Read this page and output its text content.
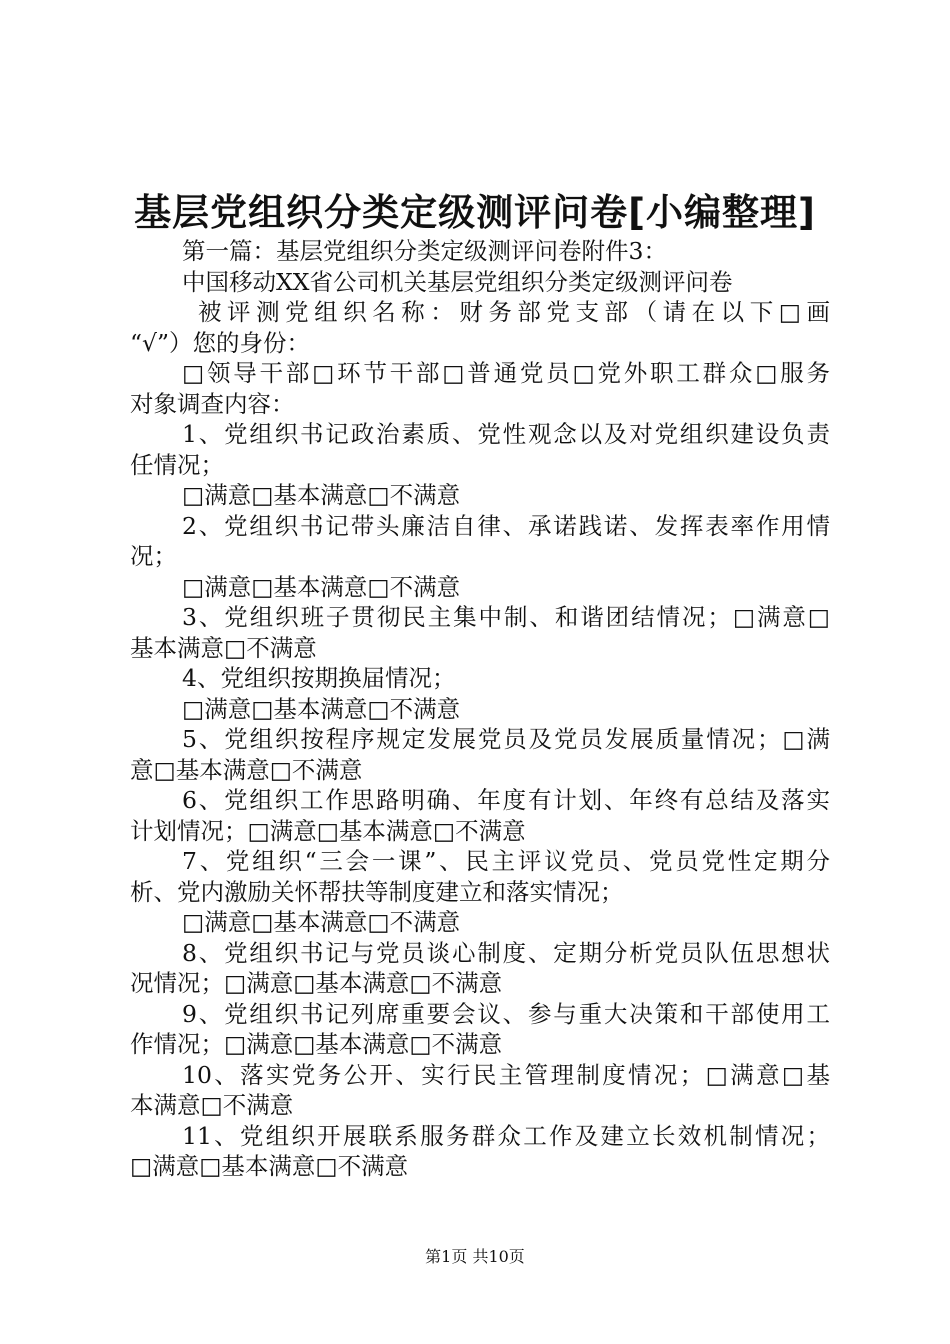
基层党组织分类定级测评问卷[小编整理]
第一篇：基层党组织分类定级测评问卷附件3：
中国移动XX省公司机关基层党组织分类定级测评问卷
被评测党组织名称：财务部党支部（请在以下□画
“√”）您的身份：
□领导干部□环节干部□普通党员□党外职工群众□服务
对象调查内容：
1、党组织书记政治素质、党性观念以及对党组织建设负责
任情况；
□满意□基本满意□不满意
2、党组织书记带头廉洁自律、承诺践诺、发挥表率作用情
况；
□满意□基本满意□不满意
3、党组织班子贯彻民主集中制、和谐团结情况；□满意□
基本满意□不满意
4、党组织按期换届情况；
□满意□基本满意□不满意
5、党组织按程序规定发展党员及党员发展质量情况；□满
意□基本满意□不满意
6、党组织工作思路明确、年度有计划、年终有总结及落实
计划情况；□满意□基本满意□不满意
7、党组织“三会一课”、民主评议党员、党员党性定期分
析、党内激励关怀帮扶等制度建立和落实情况；
□满意□基本满意□不满意
8、党组织书记与党员谈心制度、定期分析党员队伍思想状
况情况；□满意□基本满意□不满意
9、党组织书记列席重要会议、参与重大决策和干部使用工
作情况；□满意□基本满意□不满意
10、落实党务公开、实行民主管理制度情况；□满意□基
本满意□不满意
11、党组织开展联系服务群众工作及建立长效机制情况；
□满意□基本满意□不满意
第1页 共10页
